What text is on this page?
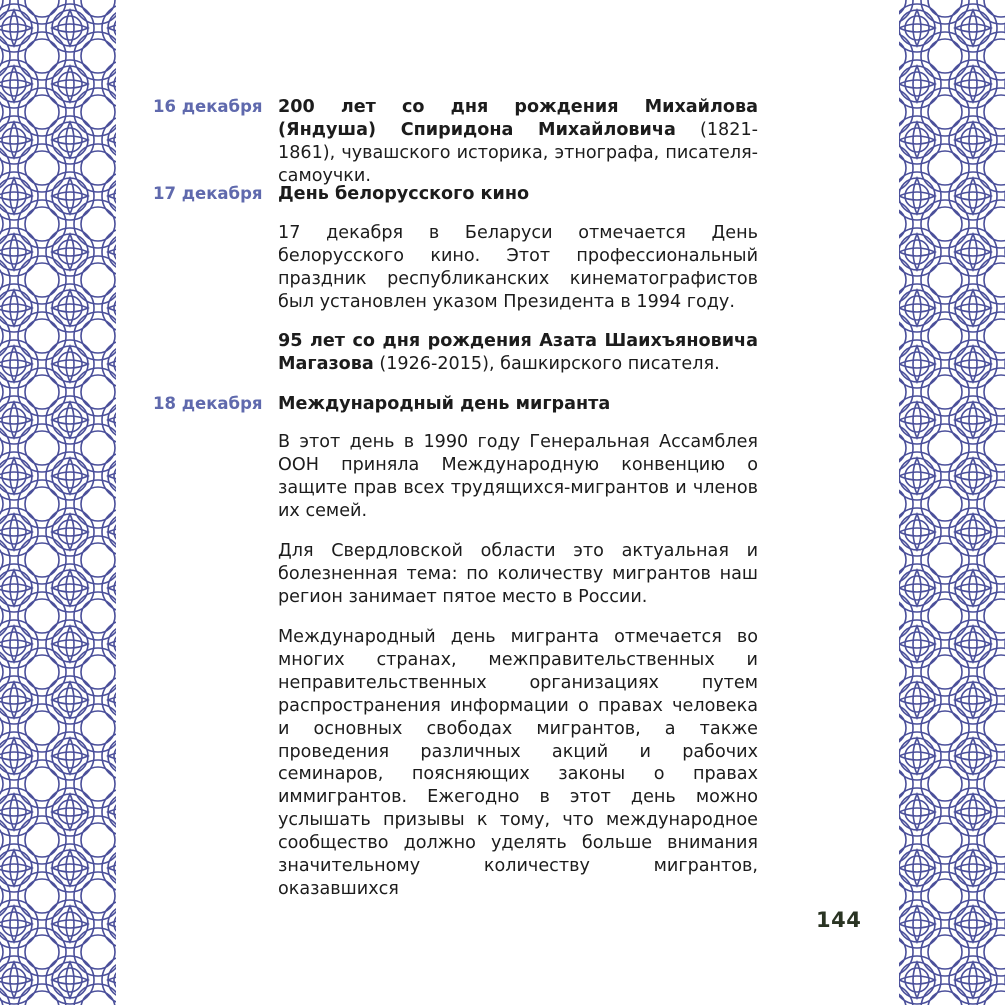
16 декабря 200 лет со дня рождения Михайлова (Яндуша) Спиридона Михайловича (1821-1861), чувашского историка, этнографа, писателя-самоучки.

17 декабря День белорусского кино

17 декабря в Беларуси отмечается День белорусского кино. Этот профессиональный праздник республиканских кинематографистов был установлен указом Президента в 1994 году.

95 лет со дня рождения Азата Шаихъяновича Магазова (1926-2015), башкирского писателя.

18 декабря Международный день мигранта

В этот день в 1990 году Генеральная Ассамблея ООН приняла Международную конвенцию о защите прав всех трудящихся-мигрантов и членов их семей.

Для Свердловской области это актуальная и болезненная тема: по количеству мигрантов наш регион занимает пятое место в России.

Международный день мигранта отмечается во многих странах, межправительственных и неправительственных организациях путем распространения информации о правах человека и основных свободах мигрантов, а также проведения различных акций и рабочих семинаров, поясняющих законы о правах иммигрантов. Ежегодно в этот день можно услышать призывы к тому, что международное сообщество должно уделять больше внимания значительному количеству мигрантов, оказавшихся

144
